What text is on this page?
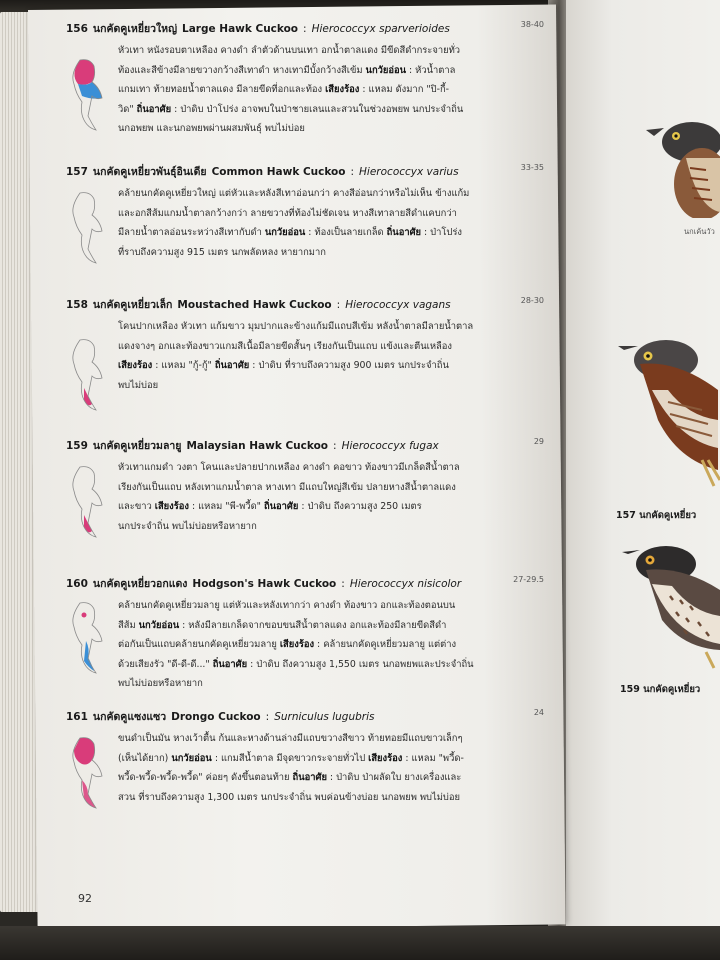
นกเค้นวัว
157 นกคัดคูเหยี่ยว
159 นกคัดคูเหยี่ยว
156 นกคัดคูเหยี่ยวใหญ่ Large Hawk Cuckoo : Hierococcyx sparverioides	38-40
หัวเทา หนังรอบตาเหลือง คางดำ ลำตัวด้านบนเทา อกน้ำตาลแดง มีขีดสีดำกระจายทั่ว
ท้องและสีข้างมีลายขวางกว้างสีเทาดำ หางเทามีบั้งกว้างสีเข้ม นกวัยอ่อน : หัวน้ำตาล
แกมเทา ท้ายทอยน้ำตาลแดง มีลายขีดที่อกและท้อง เสียงร้อง : แหลม ดังมาก "ปิ-กี้-
วิด" ถิ่นอาศัย : ป่าดิบ ป่าโปร่ง อาจพบในป่าชายเลนและสวนในช่วงอพยพ นกประจำถิ่น
นกอพยพ และนกอพยพผ่านผสมพันธุ์ พบไม่บ่อย
157 นกคัดคูเหยี่ยวพันธุ์อินเดีย Common Hawk Cuckoo : Hierococcyx varius	33-35
คล้ายนกคัดคูเหยี่ยวใหญ่ แต่หัวและหลังสีเทาอ่อนกว่า คางสีอ่อนกว่าหรือไม่เห็น ข้างแก้ม
และอกสีส้มแกมน้ำตาลกว้างกว่า ลายขวางที่ท้องไม่ชัดเจน หางสีเทาลายสีดำแคบกว่า
มีลายน้ำตาลอ่อนระหว่างสีเทากับดำ นกวัยอ่อน : ท้องเป็นลายเกล็ด ถิ่นอาศัย : ป่าโปร่ง
ที่ราบถึงความสูง 915 เมตร นกพลัดหลง หายากมาก
158 นกคัดคูเหยี่ยวเล็ก Moustached Hawk Cuckoo : Hierococcyx vagans	28-30
โคนปากเหลือง หัวเทา แก้มขาว มุมปากและข้างแก้มมีแถบสีเข้ม หลังน้ำตาลมีลายน้ำตาล
แดงจางๆ อกและท้องขาวแกมสีเนื้อมีลายขีดสั้นๆ เรียงกันเป็นแถบ แข้งและตีนเหลือง
เสียงร้อง : แหลม "กู้-กู้" ถิ่นอาศัย : ป่าดิบ ที่ราบถึงความสูง 900 เมตร นกประจำถิ่น
พบไม่บ่อย
159 นกคัดคูเหยี่ยวมลายู Malaysian Hawk Cuckoo : Hierococcyx fugax	29
หัวเทาแกมดำ วงตา โคนและปลายปากเหลือง คางดำ คอขาว ท้องขาวมีเกล็ดสีน้ำตาล
เรียงกันเป็นแถบ หลังเทาแกมน้ำตาล หางเทา มีแถบใหญ่สีเข้ม ปลายหางสีน้ำตาลแดง
และขาว เสียงร้อง : แหลม "พี-พวี้ด" ถิ่นอาศัย : ป่าดิบ ถึงความสูง 250 เมตร
นกประจำถิ่น พบไม่บ่อยหรือหายาก
160 นกคัดคูเหยี่ยวอกแดง Hodgson's Hawk Cuckoo : Hierococcyx nisicolor	27-29.5
คล้ายนกคัดคูเหยี่ยวมลายู แต่หัวและหลังเทากว่า คางดำ ท้องขาว อกและท้องตอนบน
สีส้ม นกวัยอ่อน : หลังมีลายเกล็ดจากขอบขนสีน้ำตาลแดง อกและท้องมีลายขีดสีดำ
ต่อกันเป็นแถบคล้ายนกคัดคูเหยี่ยวมลายู เสียงร้อง : คล้ายนกคัดคูเหยี่ยวมลายู แต่ต่าง
ด้วยเสียงรัว "ดี-ดี-ดี..." ถิ่นอาศัย : ป่าดิบ ถึงความสูง 1,550 เมตร นกอพยพและประจำถิ่น
พบไม่บ่อยหรือหายาก
161 นกคัดคูแซงแซว Drongo Cuckoo : Surniculus lugubris	24
ขนดำเป็นมัน หางเว้าตื้น ก้นและหางด้านล่างมีแถบขวางสีขาว ท้ายทอยมีแถบขาวเล็กๆ
(เห็นได้ยาก) นกวัยอ่อน : แกมสีน้ำตาล มีจุดขาวกระจายทั่วไป เสียงร้อง : แหลม "พวี้ด-
พวี้ด-พวี้ด-พวี้ด-พวี้ด" ค่อยๆ ดังขึ้นตอนท้าย ถิ่นอาศัย : ป่าดิบ ป่าผลัดใบ ยางเครื่องและ
สวน ที่ราบถึงความสูง 1,300 เมตร นกประจำถิ่น พบค่อนข้างบ่อย นกอพยพ พบไม่บ่อย
92
